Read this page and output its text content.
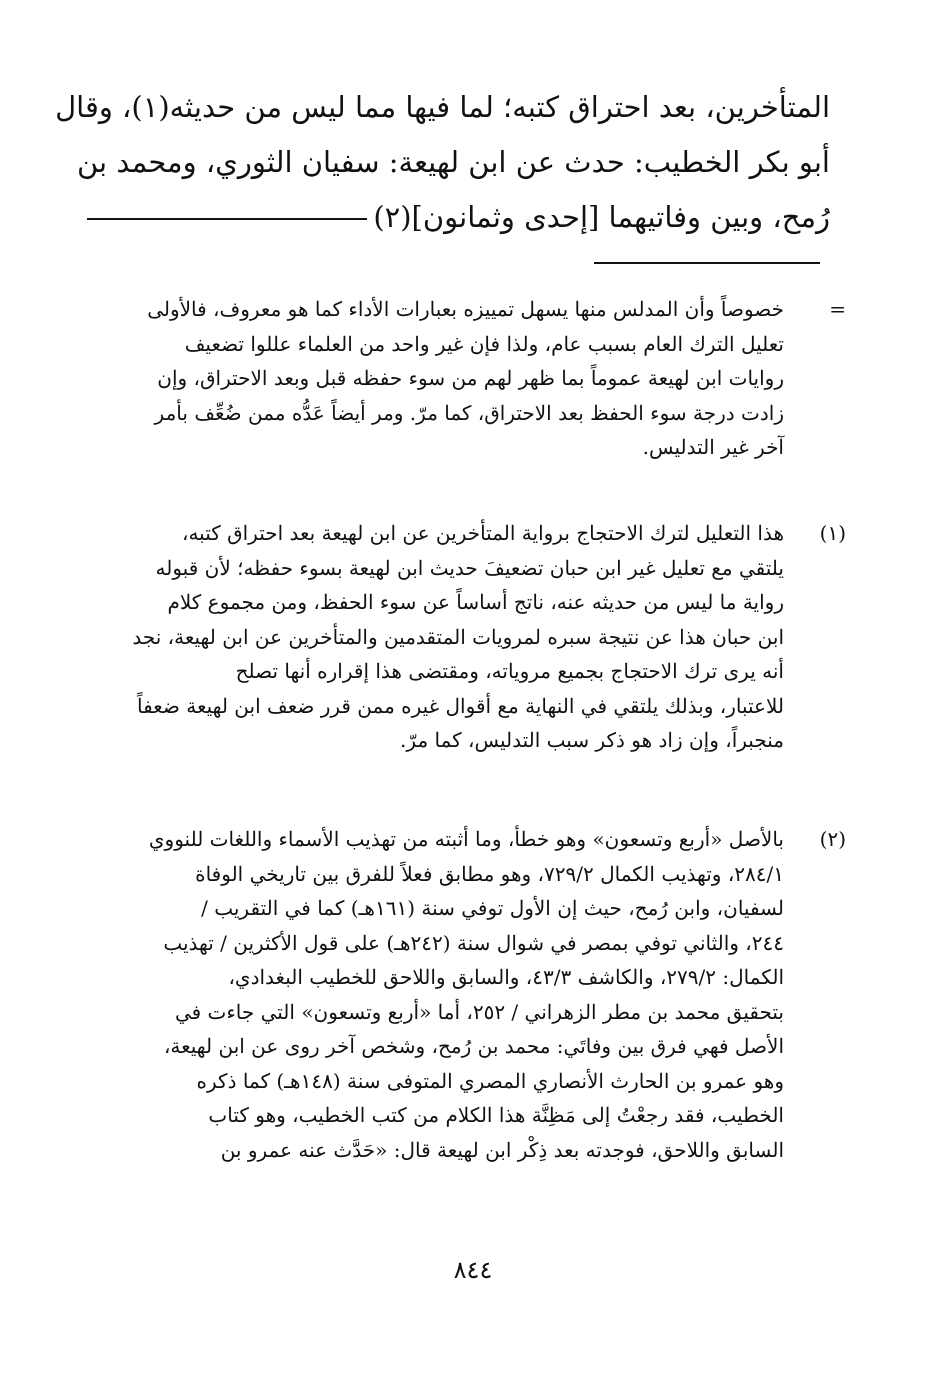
المتأخرين، بعد احتراق كتبه؛ لما فيها مما ليس من حديثه(١)، وقال
أبو بكر الخطيب: حدث عن ابن لهيعة: سفيان الثوري، ومحمد بن
رُمح، وبين وفاتيهما [إحدى وثمانون](٢)
=
خصوصاً وأن المدلس منها يسهل تمييزه بعبارات الأداء كما هو معروف، فالأولى
تعليل الترك العام بسبب عام، ولذا فإن غير واحد من العلماء عللوا تضعيف
روايات ابن لهيعة عموماً بما ظهر لهم من سوء حفظه قبل وبعد الاحتراق، وإن
زادت درجة سوء الحفظ بعد الاحتراق، كما مرّ. ومر أيضاً عَدُّه ممن ضُعِّف بأمر
آخر غير التدليس.
(١)
هذا التعليل لترك الاحتجاج برواية المتأخرين عن ابن لهيعة بعد احتراق كتبه،
يلتقي مع تعليل غير ابن حبان تضعيفَ حديث ابن لهيعة بسوء حفظه؛ لأن قبوله
رواية ما ليس من حديثه عنه، ناتج أساساً عن سوء الحفظ، ومن مجموع كلام
ابن حبان هذا عن نتيجة سبره لمرويات المتقدمين والمتأخرين عن ابن لهيعة، نجد
أنه يرى ترك الاحتجاج بجميع مروياته، ومقتضى هذا إقراره أنها تصلح
للاعتبار، وبذلك يلتقي في النهاية مع أقوال غيره ممن قرر ضعف ابن لهيعة ضعفاً
منجبراً، وإن زاد هو ذكر سبب التدليس، كما مرّ.
(٢)
بالأصل «أربع وتسعون» وهو خطأ، وما أثبته من تهذيب الأسماء واللغات للنووي
٢٨٤/١، وتهذيب الكمال ٧٢٩/٢، وهو مطابق فعلاً للفرق بين تاريخي الوفاة
لسفيان، وابن رُمح، حيث إن الأول توفي سنة (١٦١هـ) كما في التقريب /
٢٤٤، والثاني توفي بمصر في شوال سنة (٢٤٢هـ) على قول الأكثرين / تهذيب
الكمال: ٢٧٩/٢، والكاشف ٤٣/٣، والسابق واللاحق للخطيب البغدادي،
بتحقيق محمد بن مطر الزهراني / ٢٥٢، أما «أربع وتسعون» التي جاءت في
الأصل فهي فرق بين وفاتَي: محمد بن رُمح، وشخص آخر روى عن ابن لهيعة،
وهو عمرو بن الحارث الأنصاري المصري المتوفى سنة (١٤٨هـ) كما ذكره
الخطيب، فقد رجعْتُ إلى مَظِنَّة هذا الكلام من كتب الخطيب، وهو كتاب
السابق واللاحق، فوجدته بعد ذِكْر ابن لهيعة قال: «حَدَّث عنه عمرو بن
٨٤٤
